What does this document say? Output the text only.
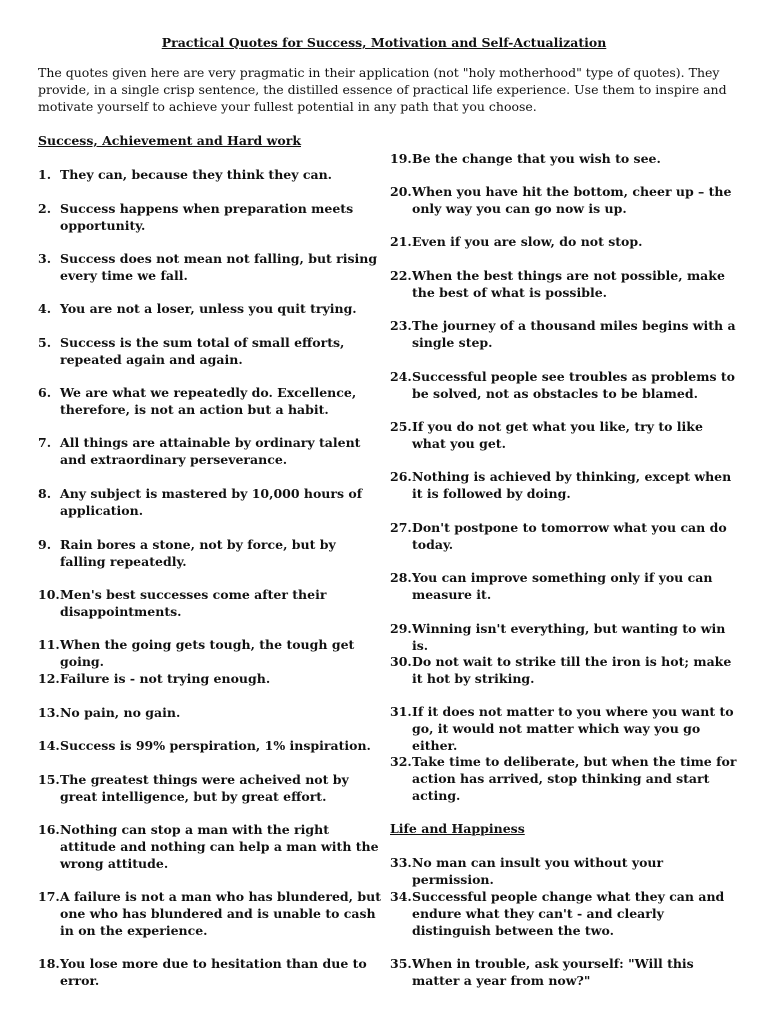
Practical Quotes for Success, Motivation and Self-Actualization
The quotes given here are very pragmatic in their application (not "holy motherhood" type of quotes). They provide, in a single crisp sentence, the distilled essence of practical life experience. Use them to inspire and motivate yourself to achieve your fullest potential in any path that you choose.
Success, Achievement and Hard work
1. They can, because they think they can.
2. Success happens when preparation meets opportunity.
3. Success does not mean not falling, but rising every time we fall.
4. You are not a loser, unless you quit trying.
5. Success is the sum total of small efforts, repeated again and again.
6. We are what we repeatedly do. Excellence, therefore, is not an action but a habit.
7. All things are attainable by ordinary talent and extraordinary perseverance.
8. Any subject is mastered by 10,000 hours of application.
9. Rain bores a stone, not by force, but by falling repeatedly.
10. Men's best successes come after their disappointments.
11. When the going gets tough, the tough get going.
12. Failure is - not trying enough.
13. No pain, no gain.
14. Success is 99% perspiration, 1% inspiration.
15. The greatest things were acheived not by great intelligence, but by great effort.
16. Nothing can stop a man with the right attitude and nothing can help a man with the wrong attitude.
17. A failure is not a man who has blundered, but one who has blundered and is unable to cash in on the experience.
18. You lose more due to hesitation than due to error.
19. Be the change that you wish to see.
20. When you have hit the bottom, cheer up – the only way you can go now is up.
21. Even if you are slow, do not stop.
22. When the best things are not possible, make the best of what is possible.
23. The journey of a thousand miles begins with a single step.
24. Successful people see troubles as problems to be solved, not as obstacles to be blamed.
25. If you do not get what you like, try to like what you get.
26. Nothing is achieved by thinking, except when it is followed by doing.
27. Don't postpone to tomorrow what you can do today.
28. You can improve something only if you can measure it.
29. Winning isn't everything, but wanting to win is.
30. Do not wait to strike till the iron is hot; make it hot by striking.
31. If it does not matter to you where you want to go, it would not matter which way you go either.
32. Take time to deliberate, but when the time for action has arrived, stop thinking and start acting.
Life and Happiness
33. No man can insult you without your permission.
34. Successful people change what they can and endure what they can't - and clearly distinguish between the two.
35. When in trouble, ask yourself: "Will this matter a year from now?"
